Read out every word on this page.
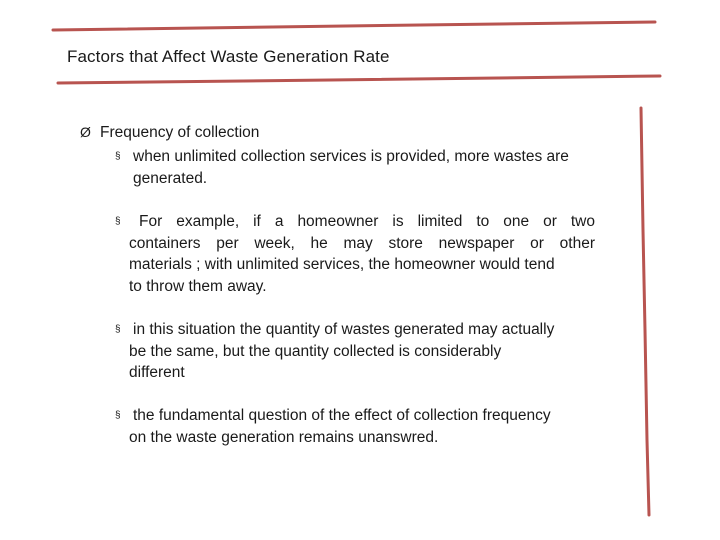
Factors that Affect Waste Generation Rate
Ø Frequency of collection
§ when unlimited collection services is provided, more wastes are
generated.
§	For example, if a homeowner is limited to one or two
containers per week, he may store newspaper or other
materials ; with unlimited services, the homeowner would tend
to throw them away.
§ in this situation the quantity of wastes generated may actually
be the same, but the quantity collected is considerably
different
§ the fundamental question of the effect of collection frequency
on the waste generation remains unanswred.
